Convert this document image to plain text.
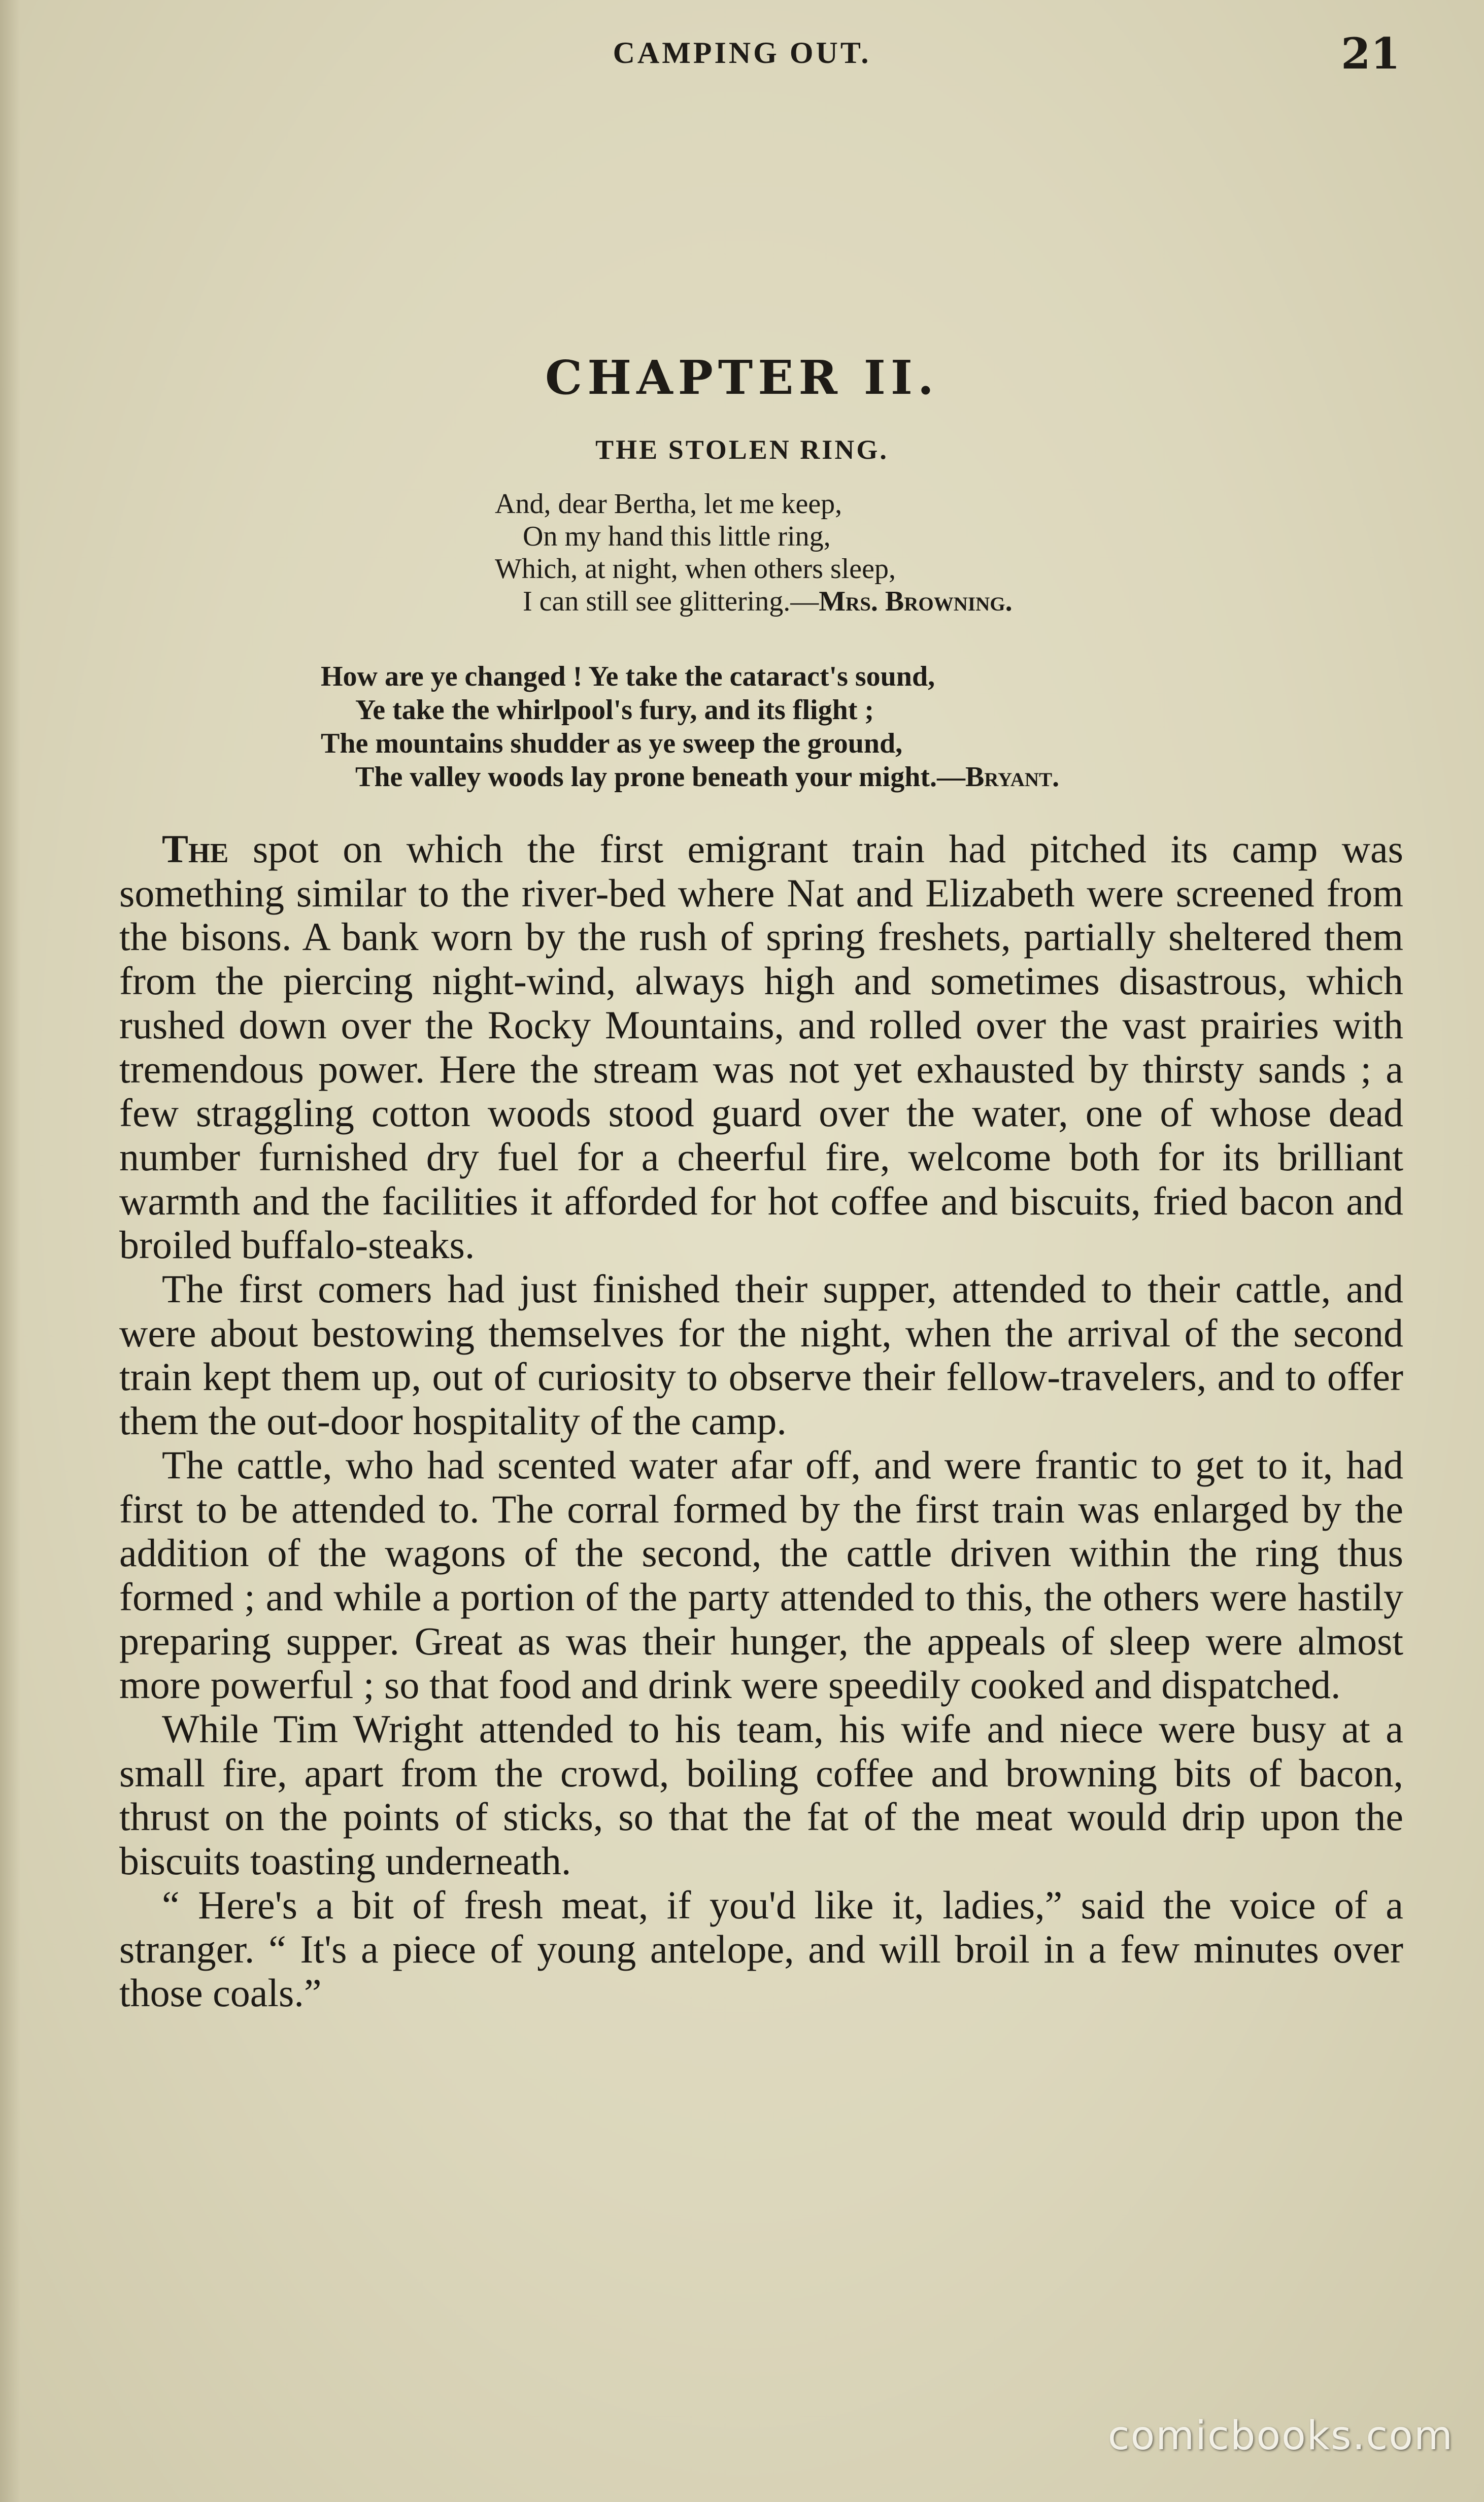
CAMPING OUT.	21
CHAPTER II.
THE STOLEN RING.
And, dear Bertha, let me keep,
On my hand this little ring,
Which, at night, when others sleep,
I can still see glittering.—Mrs. Browning.
How are ye changed ! Ye take the cataract's sound,
Ye take the whirlpool's fury, and its flight ;
The mountains shudder as ye sweep the ground,
The valley woods lay prone beneath your might.—Bryant.

The spot on which the first emigrant train had pitched its camp was something similar to the river-bed where Nat and Elizabeth were screened from the bisons. A bank worn by the rush of spring freshets, partially sheltered them from the piercing night-wind, always high and sometimes disastrous, which rushed down over the Rocky Mountains, and rolled over the vast prairies with tremendous power. Here the stream was not yet exhausted by thirsty sands ; a few straggling cotton woods stood guard over the water, one of whose dead number furnished dry fuel for a cheerful fire, welcome both for its brilliant warmth and the facilities it afforded for hot coffee and biscuits, fried bacon and broiled buffalo-steaks.

The first comers had just finished their supper, attended to their cattle, and were about bestowing themselves for the night, when the arrival of the second train kept them up, out of curiosity to observe their fellow-travelers, and to offer them the out-door hospitality of the camp.

The cattle, who had scented water afar off, and were frantic to get to it, had first to be attended to. The corral formed by the first train was enlarged by the addition of the wagons of the second, the cattle driven within the ring thus formed ; and while a portion of the party attended to this, the others were hastily preparing supper. Great as was their hunger, the appeals of sleep were almost more powerful ; so that food and drink were speedily cooked and dispatched.

While Tim Wright attended to his team, his wife and niece were busy at a small fire, apart from the crowd, boiling coffee and browning bits of bacon, thrust on the points of sticks, so that the fat of the meat would drip upon the biscuits toasting underneath.

“ Here's a bit of fresh meat, if you'd like it, ladies,” said the voice of a stranger. “ It's a piece of young antelope, and will broil in a few minutes over those coals.”

comicbooks.com
